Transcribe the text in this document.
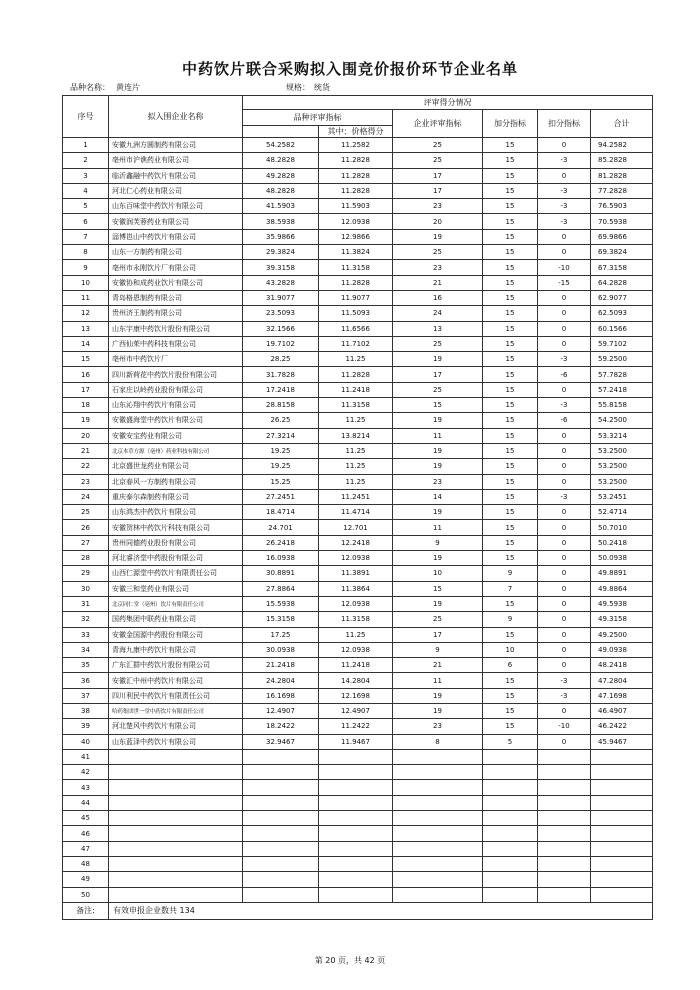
中药饮片联合采购拟入围竞价报价环节企业名单
品种名称： 黄连片	规格： 统货
序号	拟入围企业名称	评审得分情况					
		品种评审指标		企业评审指标	加分指标	扣分指标	合计
			其中：价格得分				
1	安徽九洲方圆制药有限公司	54.2582	11.2582	25	15	0	94.2582
2	亳州市沪谯药业有限公司	48.2828	11.2828	25	15	-3	85.2828
3	临沂鑫融中药饮片有限公司	49.2828	11.2828	17	15	0	81.2828
4	河北仁心药业有限公司	48.2828	11.2828	17	15	-3	77.2828
5	山东百味堂中药饮片有限公司	41.5903	11.5903	23	15	-3	76.5903
6	安徽润芙蓉药业有限公司	38.5938	12.0938	20	15	-3	70.5938
7	淄博岜山中药饮片有限公司	35.9866	12.9866	19	15	0	69.9866
8	山东一方制药有限公司	29.3824	11.3824	25	15	0	69.3824
9	亳州市永刚饮片厂有限公司	39.3158	11.3158	23	15	-10	67.3158
10	安徽协和成药业饮片有限公司	43.2828	11.2828	21	15	-15	64.2828
11	青岛格恩制药有限公司	31.9077	11.9077	16	15	0	62.9077
12	贵州济王制药有限公司	23.5093	11.5093	24	15	0	62.5093
13	山东宇康中药饮片股份有限公司	32.1566	11.6566	13	15	0	60.1566
14	广西仙茱中药科技有限公司	19.7102	11.7102	25	15	0	59.7102
15	亳州市中药饮片厂	28.25	11.25	19	15	-3	59.2500
16	四川新荷花中药饮片股份有限公司	31.7828	11.2828	17	15	-6	57.7828
17	石家庄以岭药业股份有限公司	17.2418	11.2418	25	15	0	57.2418
18	山东沁翔中药饮片有限公司	28.8158	11.3158	15	15	-3	55.8158
19	安徽盛海堂中药饮片有限公司	26.25	11.25	19	15	-6	54.2500
20	安徽安宝药业有限公司	27.3214	13.8214	11	15	0	53.3214
21	北京本草方源（亳州）药业科技有限公司	19.25	11.25	19	15	0	53.2500
22	北京盛世龙药业有限公司	19.25	11.25	19	15	0	53.2500
23	北京春风一方制药有限公司	15.25	11.25	23	15	0	53.2500
24	重庆泰尔森制药有限公司	27.2451	11.2451	14	15	-3	53.2451
25	山东鸿杰中药饮片有限公司	18.4714	11.4714	19	15	0	52.4714
26	安徽贺林中药饮片科技有限公司	24.701	12.701	11	15	0	50.7010
27	贵州同德药业股份有限公司	26.2418	12.2418	9	15	0	50.2418
28	河北睿济堂中药股份有限公司	16.0938	12.0938	19	15	0	50.0938
29	山西仁源堂中药饮片有限责任公司	30.8891	11.3891	10	9	0	49.8891
30	安徽三和堂药业有限公司	27.8864	11.3864	15	7	0	49.8864
31	北京同仁堂（亳州）饮片有限责任公司	15.5938	12.0938	19	15	0	49.5938
32	国药集团中联药业有限公司	15.3158	11.3158	25	9	0	49.3158
33	安徽金国源中药股份有限公司	17.25	11.25	17	15	0	49.2500
34	青海九康中药饮片有限公司	30.0938	12.0938	9	10	0	49.0938
35	广东汇群中药饮片股份有限公司	21.2418	11.2418	21	6	0	48.2418
36	安徽汇中州中药饮片有限公司	24.2804	14.2804	11	15	-3	47.2804
37	四川利民中药饮片有限责任公司	16.1698	12.1698	19	15	-3	47.1698
38	哈药集团世一堂中药饮片有限责任公司	12.4907	12.4907	19	15	0	46.4907
39	河北楚风中药饮片有限公司	18.2422	11.2422	23	15	-10	46.2422
40	山东蓝泽中药饮片有限公司	32.9467	11.9467	8	5	0	45.9467
41							
42							
43							
44							
45							
46							
47							
48							
49							
50							
备注:	有效申报企业数共 134						
第 20 页，共 42 页
